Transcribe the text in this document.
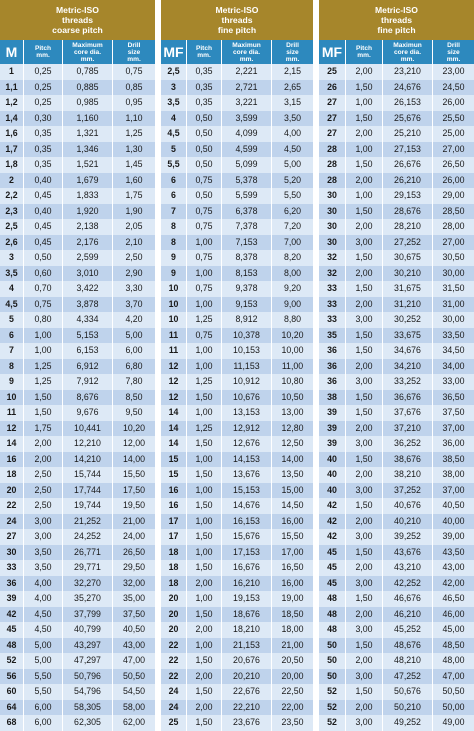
Metric-ISO
threads
coarse pitch
M	Pitch
mm.
Maximum
core dia.
mm.
Drill
size
mm.
1	0,25	0,785	0,75
1,1	0,25	0,885	0,85
1,2	0,25	0,985	0,95
1,4	0,30	1,160	1,10
1,6	0,35	1,321	1,25
1,7	0,35	1,346	1,30
1,8	0,35	1,521	1,45
2	0,40	1,679	1,60
2,2	0,45	1,833	1,75
2,3	0,40	1,920	1,90
2,5	0,45	2,138	2,05
2,6	0,45	2,176	2,10
3	0,50	2,599	2,50
3,5	0,60	3,010	2,90
4	0,70	3,422	3,30
4,5	0,75	3,878	3,70
5	0,80	4,334	4,20
6	1,00	5,153	5,00
7	1,00	6,153	6,00
8	1,25	6,912	6,80
9	1,25	7,912	7,80
10	1,50	8,676	8,50
11	1,50	9,676	9,50
12	1,75	10,441	10,20
14	2,00	12,210	12,00
16	2,00	14,210	14,00
18	2,50	15,744	15,50
20	2,50	17,744	17,50
22	2,50	19,744	19,50
24	3,00	21,252	21,00
27	3,00	24,252	24,00
30	3,50	26,771	26,50
33	3,50	29,771	29,50
36	4,00	32,270	32,00
39	4,00	35,270	35,00
42	4,50	37,799	37,50
45	4,50	40,799	40,50
48	5,00	43,297	43,00
52	5,00	47,297	47,00
56	5,50	50,796	50,50
60	5,50	54,796	54,50
64	6,00	58,305	58,00
68	6,00	62,305	62,00
Metric-ISO
threads
fine pitch
MF Pitch
mm.
Maximun
core dia.
mm.
Drill
size
mm.
2,5	0,35	2,221	2,15
3	0,35	2,721	2,65
3,5	0,35	3,221	3,15
4	0,50	3,599	3,50
4,5	0,50	4,099	4,00
5	0,50	4,599	4,50
5,5	0,50	5,099	5,00
6	0,75	5,378	5,20
6	0,50	5,599	5,50
7	0,75	6,378	6,20
8	0,75	7,378	7,20
8	1,00	7,153	7,00
9	0,75	8,378	8,20
9	1,00	8,153	8,00
10	0,75	9,378	9,20
10	1,00	9,153	9,00
10	1,25	8,912	8,80
11	0,75	10,378	10,20
11	1,00	10,153	10,00
12	1,00	11,153	11,00
12	1,25	10,912	10,80
12	1,50	10,676	10,50
14	1,00	13,153	13,00
14	1,25	12,912	12,80
14	1,50	12,676	12,50
15	1,00	14,153	14,00
15	1,50	13,676	13,50
16	1,00	15,153	15,00
16	1,50	14,676	14,50
17	1,00	16,153	16,00
17	1,50	15,676	15,50
18	1,00	17,153	17,00
18	1,50	16,676	16,50
18	2,00	16,210	16,00
20	1,00	19,153	19,00
20	1,50	18,676	18,50
20	2,00	18,210	18,00
22	1,00	21,153	21,00
22	1,50	20,676	20,50
22	2,00	20,210	20,00
24	1,50	22,676	22,50
24	2,00	22,210	22,00
25	1,50	23,676	23,50
Metric-ISO
threads
fine pitch
MF Pitch
mm.
Maximun
core dia.
mm.
Drill
size
mm.
25	2,00	23,210	23,00
26	1,50	24,676	24,50
27	1,00	26,153	26,00
27	1,50	25,676	25,50
27	2,00	25,210	25,00
28	1,00	27,153	27,00
28	1,50	26,676	26,50
28	2,00	26,210	26,00
30	1,00	29,153	29,00
30	1,50	28,676	28,50
30	2,00	28,210	28,00
30	3,00	27,252	27,00
32	1,50	30,675	30,50
32	2,00	30,210	30,00
33	1,50	31,675	31,50
33	2,00	31,210	31,00
33	3,00	30,252	30,00
35	1,50	33,675	33,50
36	1,50	34,676	34,50
36	2,00	34,210	34,00
36	3,00	33,252	33,00
38	1,50	36,676	36,50
39	1,50	37,676	37,50
39	2,00	37,210	37,00
39	3,00	36,252	36,00
40	1,50	38,676	38,50
40	2,00	38,210	38,00
40	3,00	37,252	37,00
42	1,50	40,676	40,50
42	2,00	40,210	40,00
42	3,00	39,252	39,00
45	1,50	43,676	43,50
45	2,00	43,210	43,00
45	3,00	42,252	42,00
48	1,50	46,676	46,50
48	2,00	46,210	46,00
48	3,00	45,252	45,00
50	1,50	48,676	48,50
50	2,00	48,210	48,00
50	3,00	47,252	47,00
52	1,50	50,676	50,50
52	2,00	50,210	50,00
52	3,00	49,252	49,00
